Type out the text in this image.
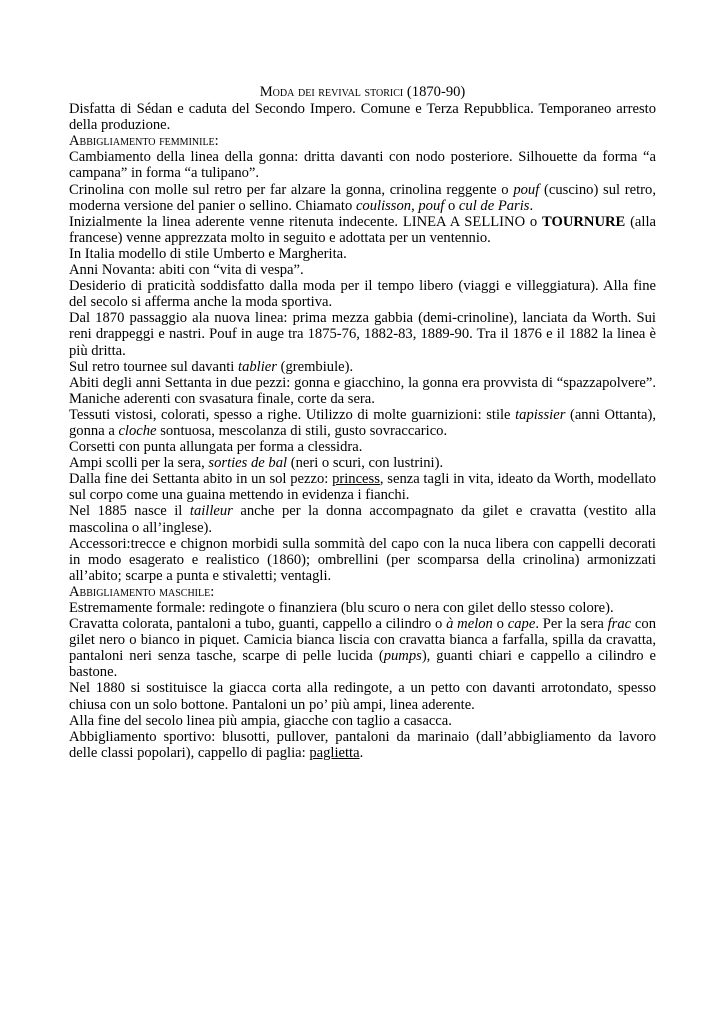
Moda dei revival storici (1870-90)

Disfatta di Sédan e caduta del Secondo Impero. Comune e Terza Repubblica. Temporaneo arresto della produzione.

Abbigliamento femminile:

Cambiamento della linea della gonna: dritta davanti con nodo posteriore. Silhouette da forma “a campana” in forma “a tulipano”.

Crinolina con molle sul retro per far alzare la gonna, crinolina reggente o pouf (cuscino) sul retro, moderna versione del panier o sellino. Chiamato coulisson, pouf o cul de Paris.

Inizialmente la linea aderente venne ritenuta indecente. LINEA A SELLINO o TOURNURE (alla francese) venne apprezzata molto in seguito e adottata per un ventennio.

In Italia modello di stile Umberto e Margherita.

Anni Novanta: abiti con “vita di vespa”.

Desiderio di praticità soddisfatto dalla moda per il tempo libero (viaggi e villeggiatura). Alla fine del secolo si afferma anche la moda sportiva.

Dal 1870 passaggio ala nuova linea: prima mezza gabbia (demi-crinoline), lanciata da Worth. Sui reni drappeggi e nastri. Pouf in auge tra 1875-76, 1882-83, 1889-90. Tra il 1876 e il 1882 la linea è più dritta.

Sul retro tournee sul davanti tablier (grembiule).

Abiti degli anni Settanta in due pezzi: gonna e giacchino, la gonna era provvista di “spazzapolvere”. Maniche aderenti con svasatura finale, corte da sera.

Tessuti vistosi, colorati, spesso a righe. Utilizzo di molte guarnizioni: stile tapissier (anni Ottanta), gonna a cloche sontuosa, mescolanza di stili, gusto sovraccarico.

Corsetti con punta allungata per forma a clessidra.

Ampi scolli per la sera, sorties de bal (neri o scuri, con lustrini).

Dalla fine dei Settanta abito in un sol pezzo: princess, senza tagli in vita, ideato da Worth, modellato sul corpo come una guaina mettendo in evidenza i fianchi.

Nel 1885 nasce il tailleur anche per la donna accompagnato da gilet e cravatta (vestito alla mascolina o all’inglese).

Accessori:trecce e chignon morbidi sulla sommità del capo con la nuca libera con cappelli decorati in modo esagerato e realistico (1860); ombrellini (per scomparsa della crinolina) armonizzati all’abito; scarpe a punta e stivaletti; ventagli.

Abbigliamento maschile:

Estremamente formale: redingote o finanziera (blu scuro o nera con gilet dello stesso colore).

Cravatta colorata, pantaloni a tubo, guanti, cappello a cilindro o à melon o cape. Per la sera frac con gilet nero o bianco in piquet. Camicia bianca liscia con cravatta bianca a farfalla, spilla da cravatta, pantaloni neri senza tasche, scarpe di pelle lucida (pumps), guanti chiari e cappello a cilindro e bastone.

Nel 1880 si sostituisce la giacca corta alla redingote, a un petto con davanti arrotondato, spesso chiusa con un solo bottone. Pantaloni un po’ più ampi, linea aderente.

Alla fine del secolo linea più ampia, giacche con taglio a casacca.

Abbigliamento sportivo: blusotti, pullover, pantaloni da marinaio (dall’abbigliamento da lavoro delle classi popolari), cappello di paglia: paglietta.
